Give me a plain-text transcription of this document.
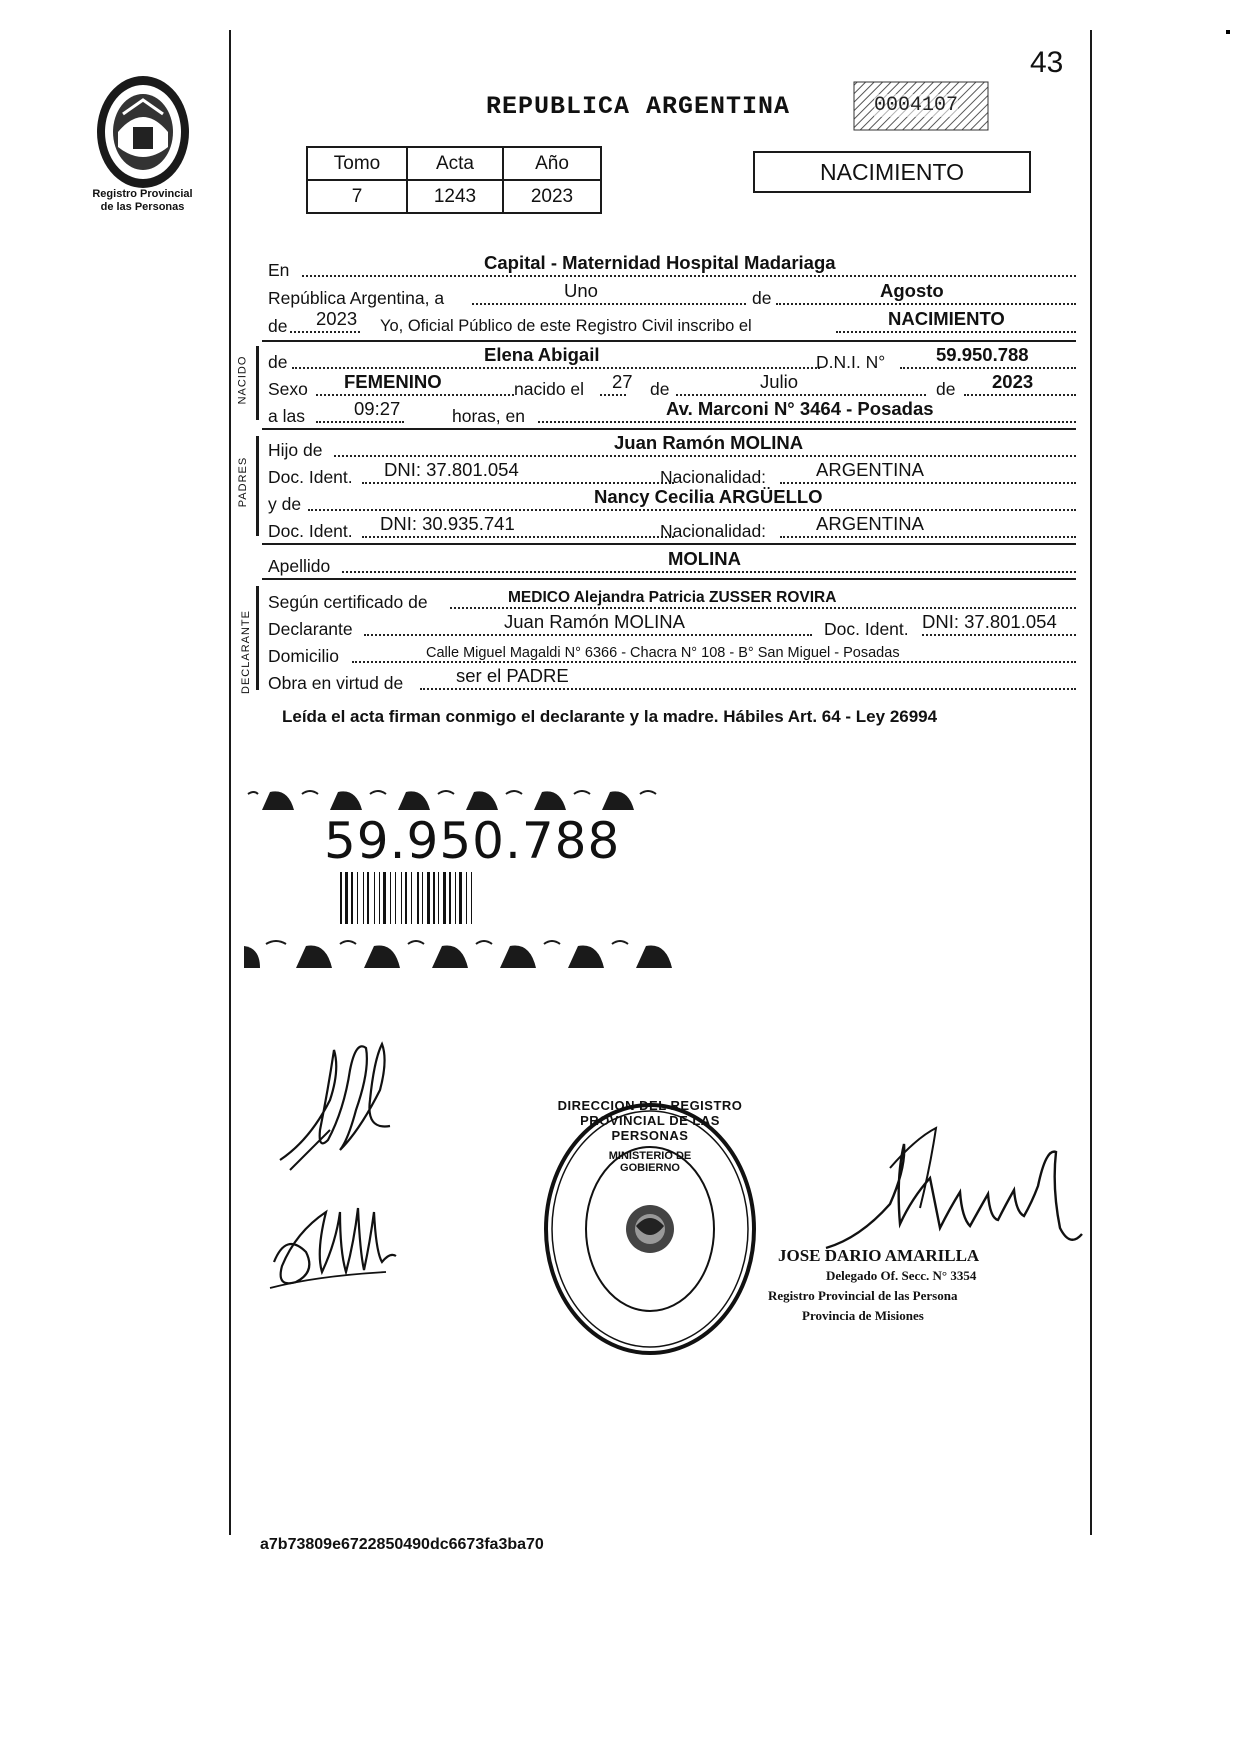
43
Registro Provincial
de las Personas
REPUBLICA ARGENTINA	0004107
Tomo	Acta	Año
7	1243	2023
NACIMIENTO
En	Capital - Maternidad Hospital Madariaga
República Argentina, a	Uno	de	Agosto
de 2023 Yo, Oficial Público de este Registro Civil inscribo el	NACIMIENTO
NACIDO de	Elena Abigail	D.N.I. N°	59.950.788
Sexo FEMENINO	nacido el 27 de	Julio	de 2023
a las	09:27	horas, en	Av. Marconi N° 3464 - Posadas
PADRES
Hijo de	Juan Ramón MOLINA
Doc. Ident. DNI: 37.801.054	Nacionalidad:	ARGENTINA
y de	Nancy Cecilia ARGÜELLO
Doc. Ident. DNI: 30.935.741	Nacionalidad:	ARGENTINA
Apellido	MOLINA
DECLARANTE
Según certificado de	MEDICO Alejandra Patricia ZUSSER ROVIRA
Declarante	Juan Ramón MOLINA	Doc. Ident. DNI: 37.801.054
Domicilio	Calle Miguel Magaldi N° 6366 - Chacra N° 108 - B° San Miguel - Posadas
Obra en virtud de	ser el PADRE
Leída el acta firman conmigo el declarante y la madre. Hábiles Art. 64 - Ley 26994
59.950.788
DIRECCION DEL REGISTRO PROVINCIAL DE LAS PERSONAS
MINISTERIO DE GOBIERNO
JOSE DARIO AMARILLA
Delegado Of. Secc. N° 3354
Registro Provincial de las Persona
Provincia de Misiones
a7b73809e6722850490dc6673fa3ba70
